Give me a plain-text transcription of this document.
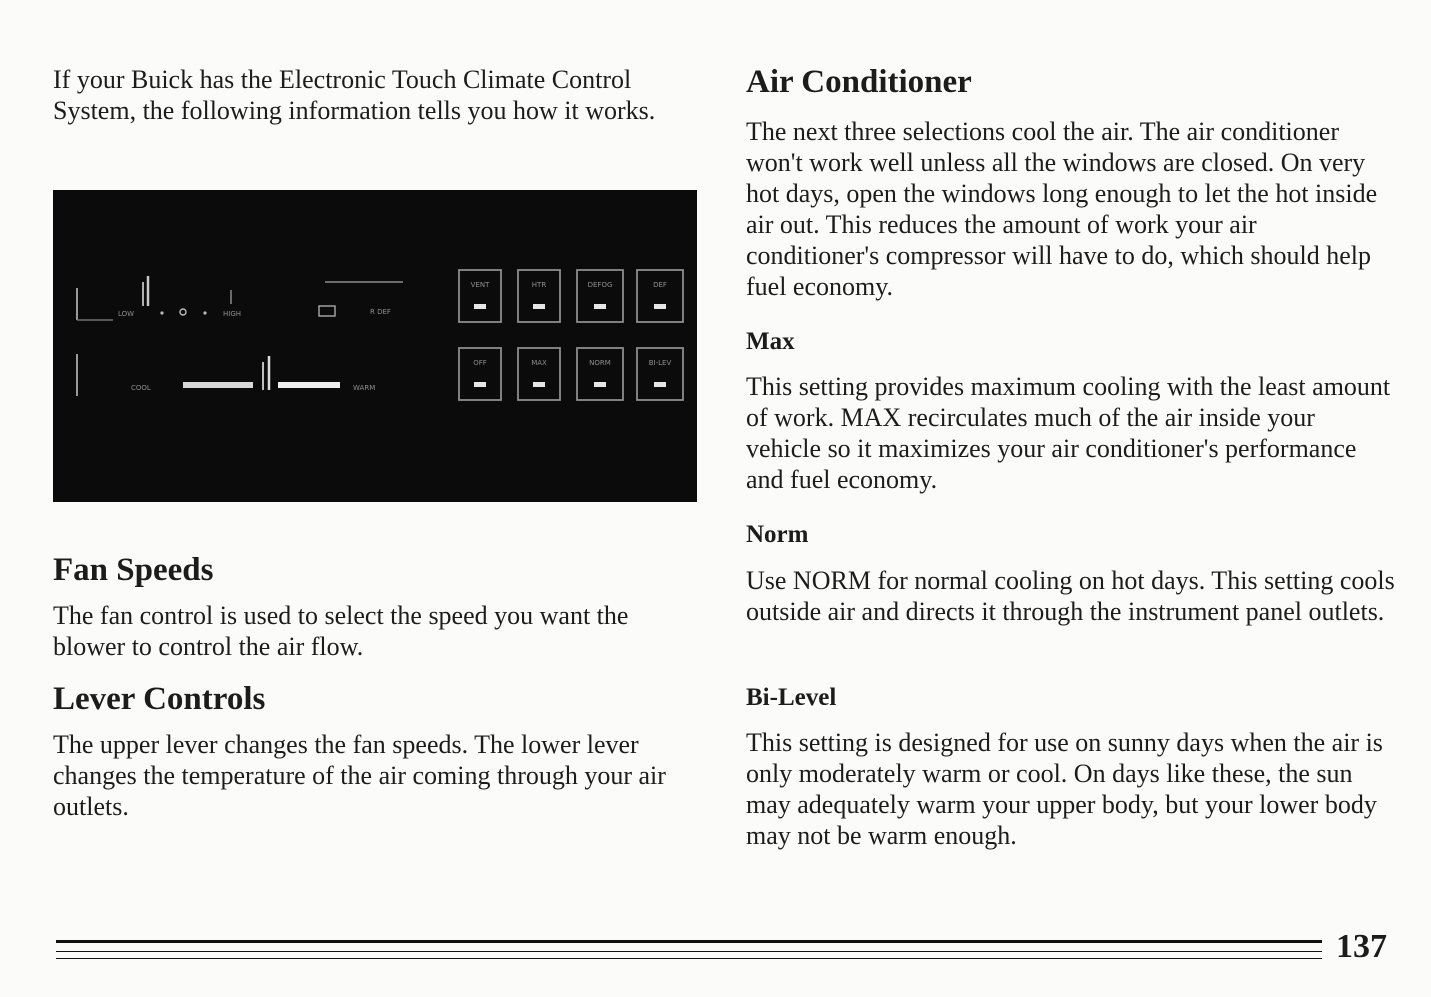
If your Buick has the Electronic Touch Climate Control System, the following information tells you how it works.

LOW	HIGH	R DEF
COOL	WARM
VENT	HTR	DEFOG	DEF
OFF	MAX	NORM	BI-LEV
Fan Speeds

The fan control is used to select the speed you want the blower to control the air flow.

Lever Controls

The upper lever changes the fan speeds. The lower lever changes the temperature of the air coming through your air outlets.

Air Conditioner

The next three selections cool the air. The air conditioner won't work well unless all the windows are closed. On very hot days, open the windows long enough to let the hot inside air out. This reduces the amount of work your air conditioner's compressor will have to do, which should help fuel economy.

Max

This setting provides maximum cooling with the least amount of work. MAX recirculates much of the air inside your vehicle so it maximizes your air conditioner's performance and fuel economy.

Norm

Use NORM for normal cooling on hot days. This setting cools outside air and directs it through the instrument panel outlets.

Bi-Level

This setting is designed for use on sunny days when the air is only moderately warm or cool. On days like these, the sun may adequately warm your upper body, but your lower body may not be warm enough.

137
